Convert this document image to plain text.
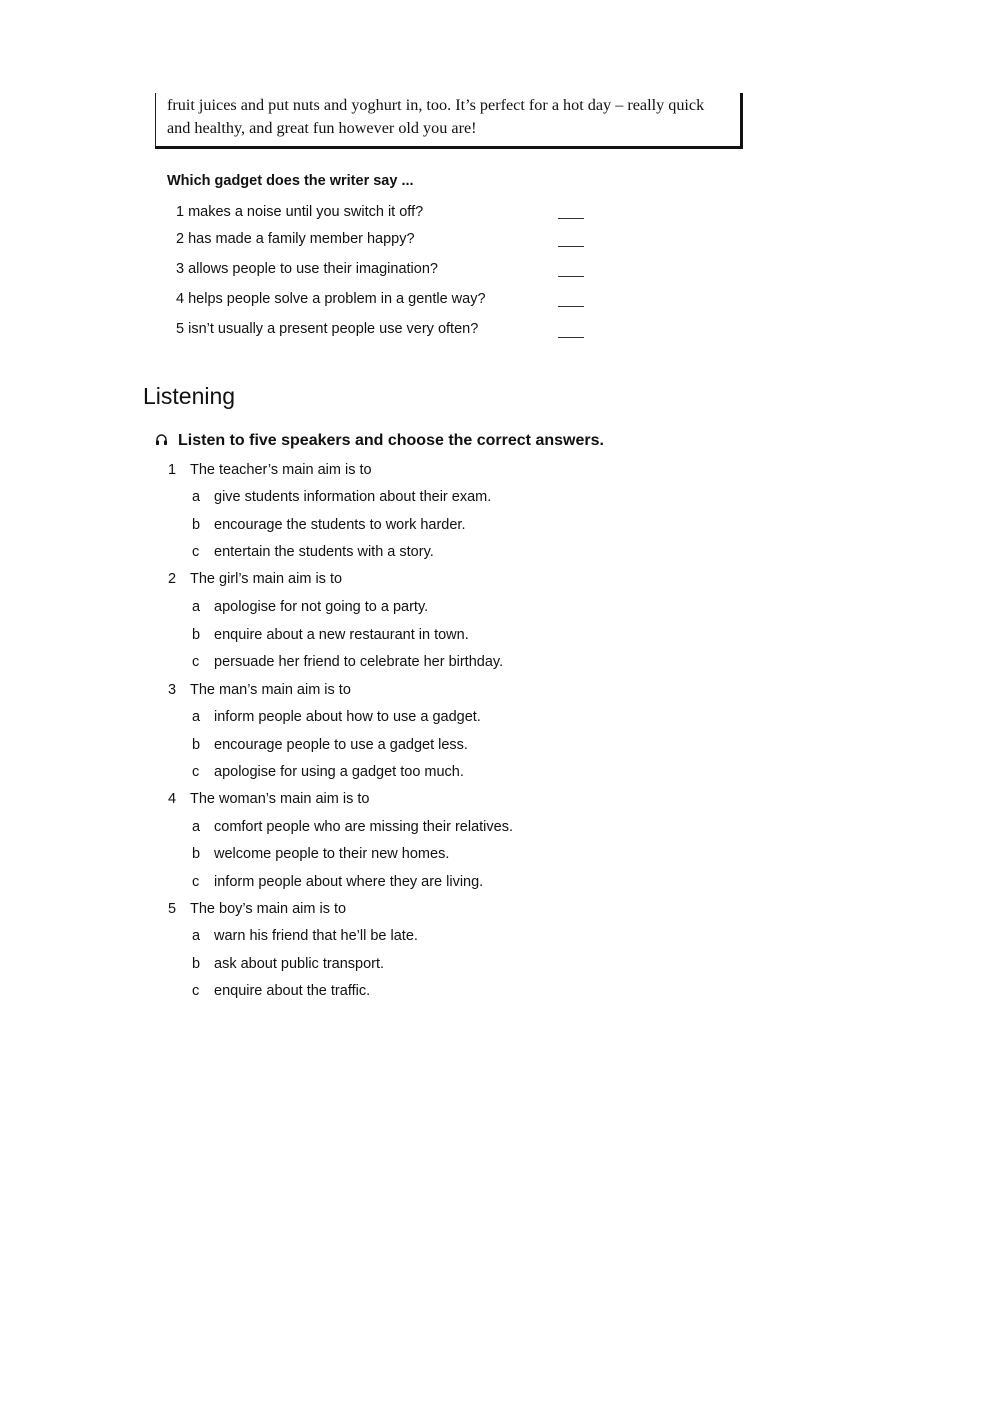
fruit juices and put nuts and yoghurt in, too. It’s perfect for a hot day – really quick
and healthy, and great fun however old you are!
Which gadget does the writer say ...
1 makes a noise until you switch it off?
2 has made a family member happy?
3 allows people to use their imagination?
4 helps people solve a problem in a gentle way?
5 isn’t usually a present people use very often?
Listening
Listen to five speakers and choose the correct answers.
1 The teacher’s main aim is to
a give students information about their exam.
b encourage the students to work harder.
c entertain the students with a story.
2 The girl’s main aim is to
a apologise for not going to a party.
b enquire about a new restaurant in town.
c persuade her friend to celebrate her birthday.
3 The man’s main aim is to
a inform people about how to use a gadget.
b encourage people to use a gadget less.
c apologise for using a gadget too much.
4 The woman’s main aim is to
a comfort people who are missing their relatives.
b welcome people to their new homes.
c inform people about where they are living.
5 The boy’s main aim is to
a warn his friend that he’ll be late.
b ask about public transport.
c enquire about the traffic.
